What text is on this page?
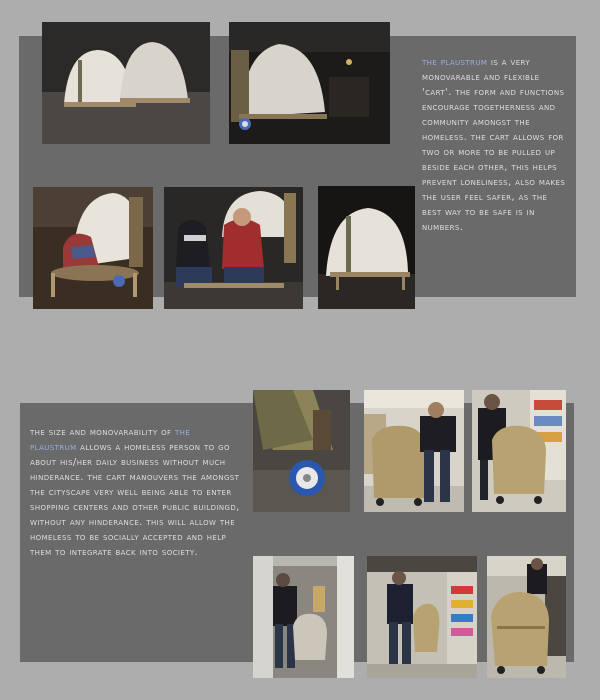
the plaustrum is a very monovarable and flexible 'cart'. the form and functions encourage togetherness and community amongst the homeless. the cart allows for two or more to be pulled up beside each other, this helps prevent loneliness, also makes the user feel safer, as the best way to be safe is in numbers.
the size and monovarability of the plaustrum allows a homeless person to go about his/her daily business without much hinderance. the cart manouvers the amongst the cityscape very well being able to enter shopping centers and other public buildingd, without any hinderance. this will allow the homeless to be socially accepted and help them to integrate back into society.
